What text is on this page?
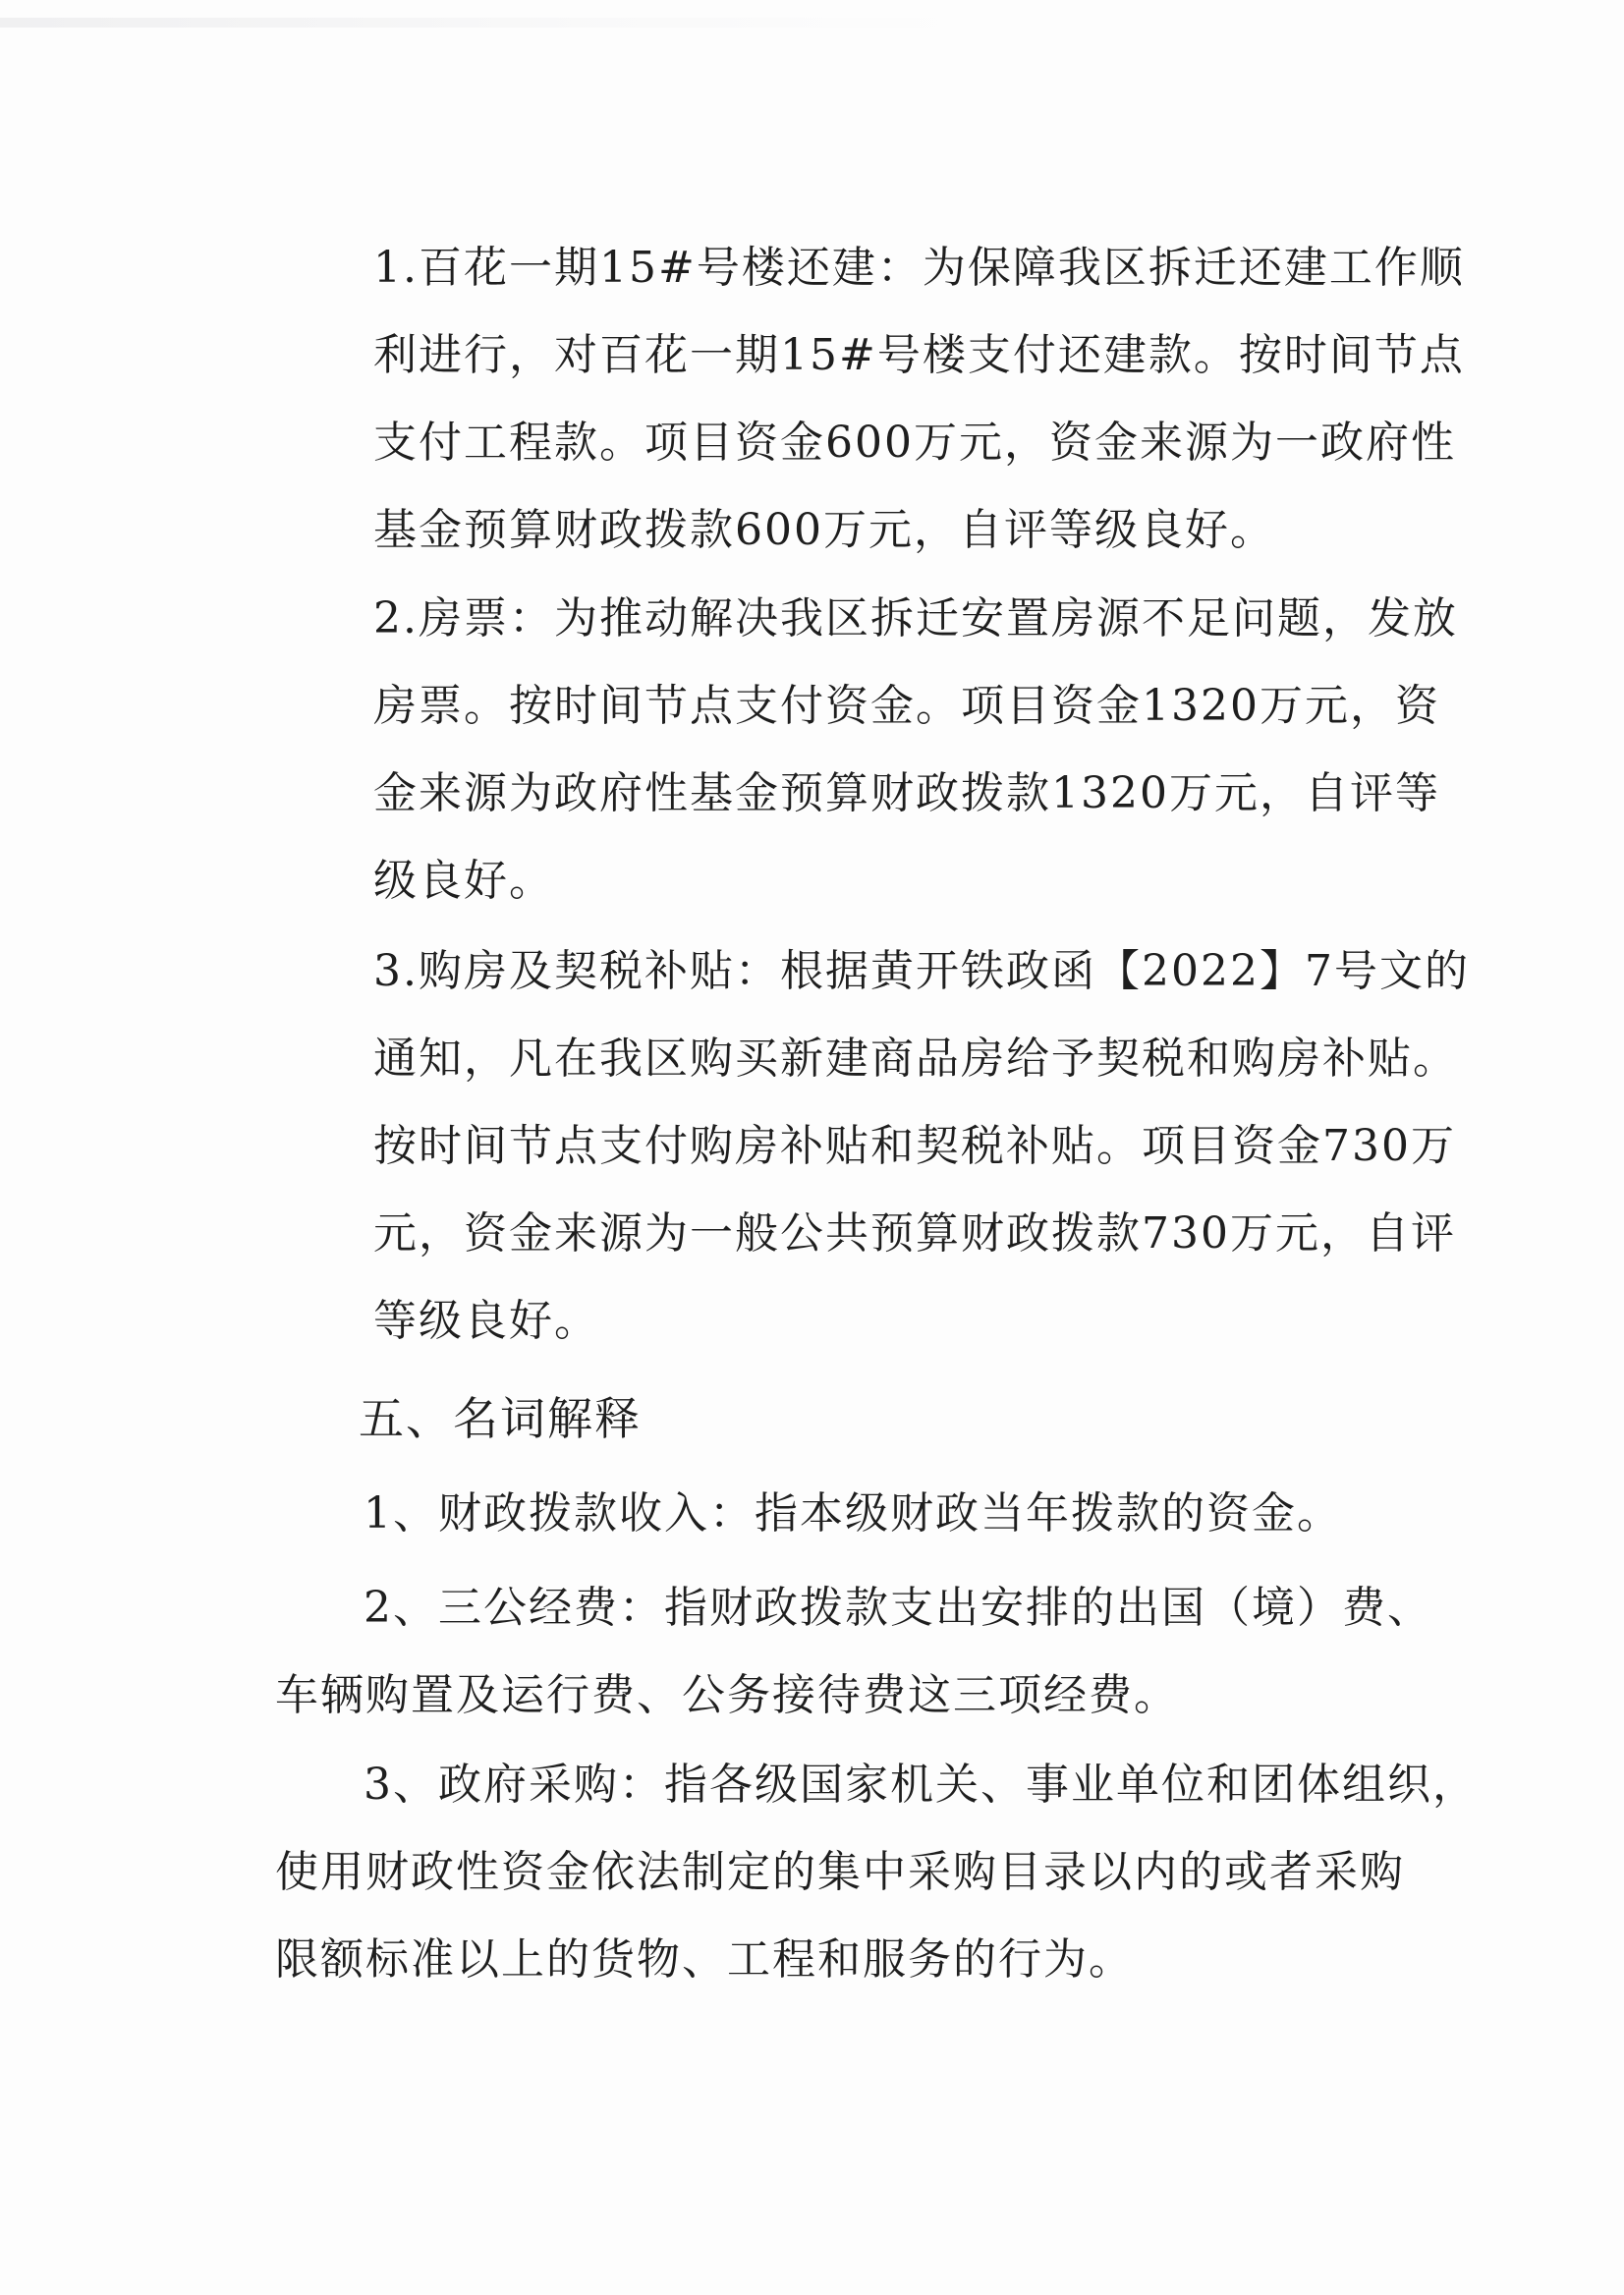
1.百花一期15#号楼还建：为保障我区拆迁还建工作顺
利进行，对百花一期15#号楼支付还建款。按时间节点
支付工程款。项目资金600万元，资金来源为一政府性
基金预算财政拨款600万元，自评等级良好。

2.房票：为推动解决我区拆迁安置房源不足问题，发放
房票。按时间节点支付资金。项目资金1320万元，资
金来源为政府性基金预算财政拨款1320万元，自评等
级良好。

3.购房及契税补贴：根据黄开铁政函【2022】7号文的
通知，凡在我区购买新建商品房给予契税和购房补贴。
按时间节点支付购房补贴和契税补贴。项目资金730万
元，资金来源为一般公共预算财政拨款730万元，自评
等级良好。

五、名词解释

1、财政拨款收入：指本级财政当年拨款的资金。

2、三公经费：指财政拨款支出安排的出国（境）费、
车辆购置及运行费、公务接待费这三项经费。

3、政府采购：指各级国家机关、事业单位和团体组织，
使用财政性资金依法制定的集中采购目录以内的或者采购
限额标准以上的货物、工程和服务的行为。
